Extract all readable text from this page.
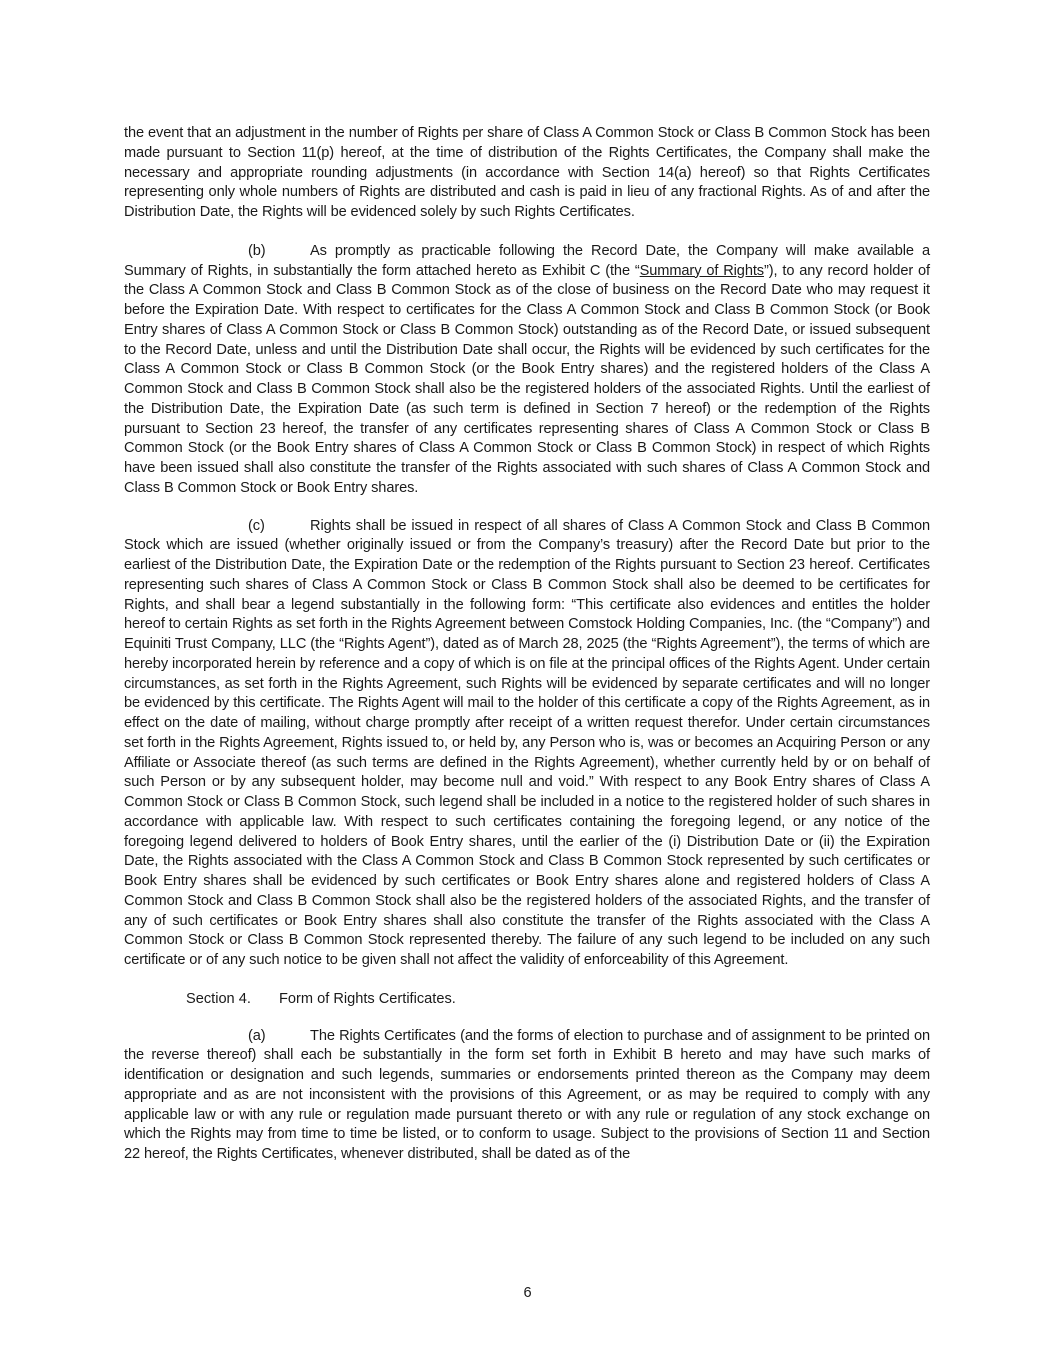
the event that an adjustment in the number of Rights per share of Class A Common Stock or Class B Common Stock has been made pursuant to Section 11(p) hereof, at the time of distribution of the Rights Certificates, the Company shall make the necessary and appropriate rounding adjustments (in accordance with Section 14(a) hereof) so that Rights Certificates representing only whole numbers of Rights are distributed and cash is paid in lieu of any fractional Rights. As of and after the Distribution Date, the Rights will be evidenced solely by such Rights Certificates.

(b)	As promptly as practicable following the Record Date, the Company will make available a Summary of Rights, in substantially the form attached hereto as Exhibit C (the “Summary of Rights”), to any record holder of the Class A Common Stock and Class B Common Stock as of the close of business on the Record Date who may request it before the Expiration Date. With respect to certificates for the Class A Common Stock and Class B Common Stock (or Book Entry shares of Class A Common Stock or Class B Common Stock) outstanding as of the Record Date, or issued subsequent to the Record Date, unless and until the Distribution Date shall occur, the Rights will be evidenced by such certificates for the Class A Common Stock or Class B Common Stock (or the Book Entry shares) and the registered holders of the Class A Common Stock and Class B Common Stock shall also be the registered holders of the associated Rights. Until the earliest of the Distribution Date, the Expiration Date (as such term is defined in Section 7 hereof) or the redemption of the Rights pursuant to Section 23 hereof, the transfer of any certificates representing shares of Class A Common Stock or Class B Common Stock (or the Book Entry shares of Class A Common Stock or Class B Common Stock) in respect of which Rights have been issued shall also constitute the transfer of the Rights associated with such shares of Class A Common Stock and Class B Common Stock or Book Entry shares.

(c)	Rights shall be issued in respect of all shares of Class A Common Stock and Class B Common Stock which are issued (whether originally issued or from the Company’s treasury) after the Record Date but prior to the earliest of the Distribution Date, the Expiration Date or the redemption of the Rights pursuant to Section 23 hereof. Certificates representing such shares of Class A Common Stock or Class B Common Stock shall also be deemed to be certificates for Rights, and shall bear a legend substantially in the following form: “This certificate also evidences and entitles the holder hereof to certain Rights as set forth in the Rights Agreement between Comstock Holding Companies, Inc. (the “Company”) and Equiniti Trust Company, LLC (the “Rights Agent”), dated as of March 28, 2025 (the “Rights Agreement”), the terms of which are hereby incorporated herein by reference and a copy of which is on file at the principal offices of the Rights Agent. Under certain circumstances, as set forth in the Rights Agreement, such Rights will be evidenced by separate certificates and will no longer be evidenced by this certificate. The Rights Agent will mail to the holder of this certificate a copy of the Rights Agreement, as in effect on the date of mailing, without charge promptly after receipt of a written request therefor. Under certain circumstances set forth in the Rights Agreement, Rights issued to, or held by, any Person who is, was or becomes an Acquiring Person or any Affiliate or Associate thereof (as such terms are defined in the Rights Agreement), whether currently held by or on behalf of such Person or by any subsequent holder, may become null and void.” With respect to any Book Entry shares of Class A Common Stock or Class B Common Stock, such legend shall be included in a notice to the registered holder of such shares in accordance with applicable law. With respect to such certificates containing the foregoing legend, or any notice of the foregoing legend delivered to holders of Book Entry shares, until the earlier of the (i) Distribution Date or (ii) the Expiration Date, the Rights associated with the Class A Common Stock and Class B Common Stock represented by such certificates or Book Entry shares shall be evidenced by such certificates or Book Entry shares alone and registered holders of Class A Common Stock and Class B Common Stock shall also be the registered holders of the associated Rights, and the transfer of any of such certificates or Book Entry shares shall also constitute the transfer of the Rights associated with the Class A Common Stock or Class B Common Stock represented thereby. The failure of any such legend to be included on any such certificate or of any such notice to be given shall not affect the validity of enforceability of this Agreement.

Section 4. Form of Rights Certificates.

(a)	The Rights Certificates (and the forms of election to purchase and of assignment to be printed on the reverse thereof) shall each be substantially in the form set forth in Exhibit B hereto and may have such marks of identification or designation and such legends, summaries or endorsements printed thereon as the Company may deem appropriate and as are not inconsistent with the provisions of this Agreement, or as may be required to comply with any applicable law or with any rule or regulation made pursuant thereto or with any rule or regulation of any stock exchange on which the Rights may from time to time be listed, or to conform to usage. Subject to the provisions of Section 11 and Section 22 hereof, the Rights Certificates, whenever distributed, shall be dated as of the

6
